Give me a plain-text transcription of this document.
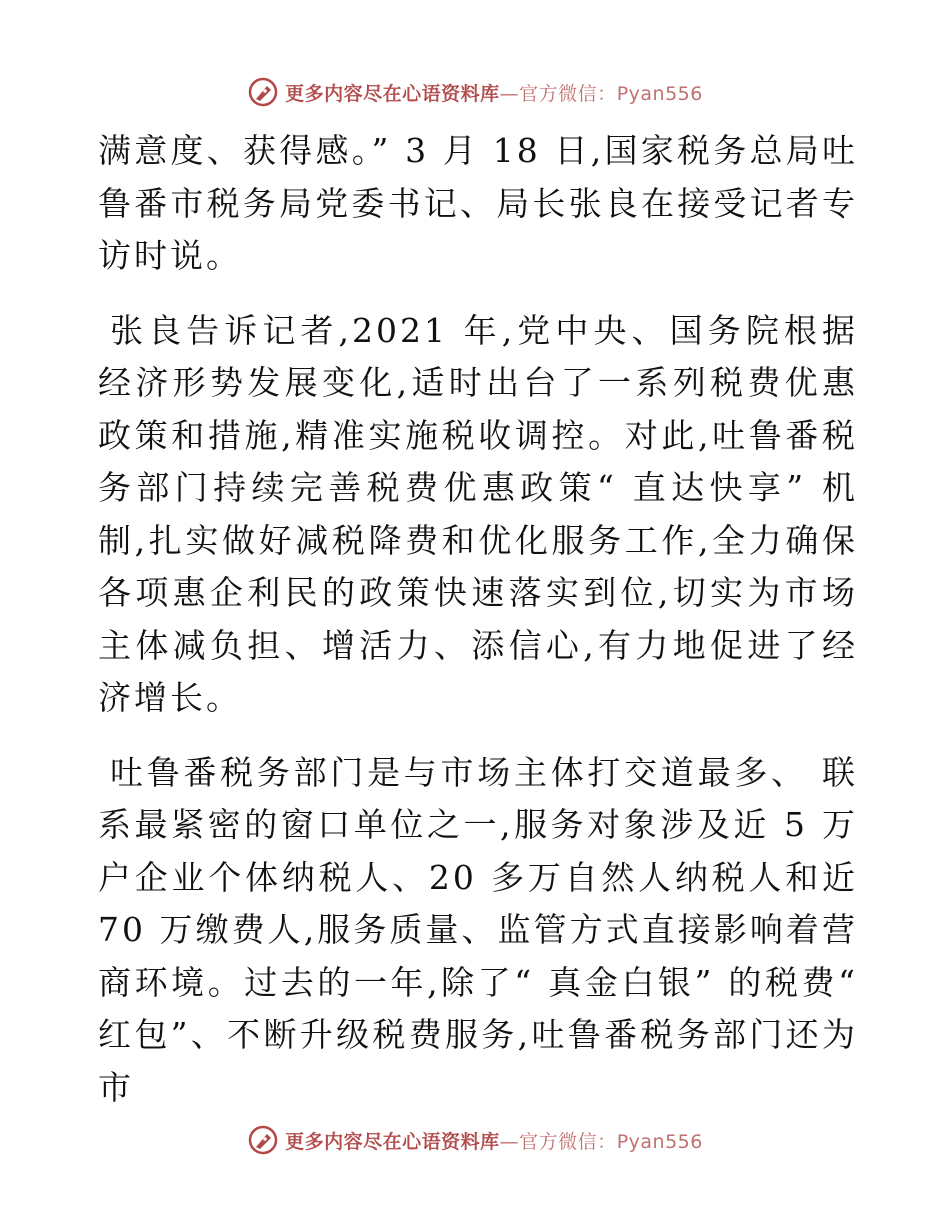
更多内容尽在心语资料库—官方微信：Pyan556

满意度、获得感。” 3 月 18 日,国家税务总局吐鲁番市税务局党委书记、局长张良在接受记者专访时说。

张良告诉记者,2021 年,党中央、国务院根据经济形势发展变化,适时出台了一系列税费优惠政策和措施,精准实施税收调控。对此,吐鲁番税务部门持续完善税费优惠政策“ 直达快享” 机制,扎实做好减税降费和优化服务工作,全力确保各项惠企利民的政策快速落实到位,切实为市场主体减负担、增活力、添信心,有力地促进了经济增长。

吐鲁番税务部门是与市场主体打交道最多、 联系最紧密的窗口单位之一,服务对象涉及近 5 万户企业个体纳税人、20 多万自然人纳税人和近 70 万缴费人,服务质量、监管方式直接影响着营商环境。过去的一年,除了“ 真金白银” 的税费“ 红包”、不断升级税费服务,吐鲁番税务部门还为市

更多内容尽在心语资料库—官方微信：Pyan556
